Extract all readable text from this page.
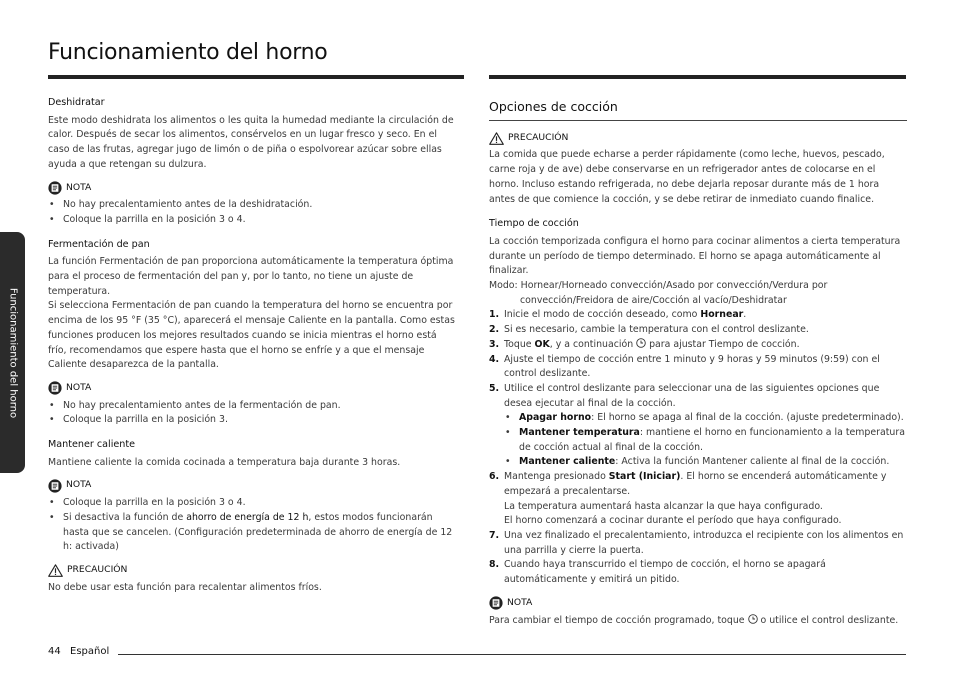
Funcionamiento del horno
Funcionamiento del horno

Deshidratar

Este modo deshidrata los alimentos o les quita la humedad mediante la circulación de calor. Después de secar los alimentos, consérvelos en un lugar fresco y seco. En el caso de las frutas, agregar jugo de limón o de piña o espolvorear azúcar sobre ellas ayuda a que retengan su dulzura.

NOTA
• No hay precalentamiento antes de la deshidratación.
• Coloque la parrilla en la posición 3 o 4.

Fermentación de pan

La función Fermentación de pan proporciona automáticamente la temperatura óptima para el proceso de fermentación del pan y, por lo tanto, no tiene un ajuste de temperatura.

Si selecciona Fermentación de pan cuando la temperatura del horno se encuentra por encima de los 95 °F (35 °C), aparecerá el mensaje Caliente en la pantalla. Como estas funciones producen los mejores resultados cuando se inicia mientras el horno está frío, recomendamos que espere hasta que el horno se enfríe y a que el mensaje Caliente desaparezca de la pantalla.

NOTA
• No hay precalentamiento antes de la fermentación de pan.
• Coloque la parrilla en la posición 3.

Mantener caliente

Mantiene caliente la comida cocinada a temperatura baja durante 3 horas.

NOTA
• Coloque la parrilla en la posición 3 o 4.
• Si desactiva la función de ahorro de energía de 12 h, estos modos funcionarán hasta que se cancelen. (Configuración predeterminada de ahorro de energía de 12 h: activada)
PRECAUCIÓN

No debe usar esta función para recalentar alimentos fríos.

Opciones de cocción

PRECAUCIÓN

La comida que puede echarse a perder rápidamente (como leche, huevos, pescado, carne roja y de ave) debe conservarse en un refrigerador antes de colocarse en el horno. Incluso estando refrigerada, no debe dejarla reposar durante más de 1 hora antes de que comience la cocción, y se debe retirar de inmediato cuando finalice.

Tiempo de cocción

La cocción temporizada configura el horno para cocinar alimentos a cierta temperatura durante un período de tiempo determinado. El horno se apaga automáticamente al finalizar.

Modo: Hornear/Horneado convección/Asado por convección/Verdura por

convección/Freidora de aire/Cocción al vacío/Deshidratar

1. Inicie el modo de cocción deseado, como Hornear.
2. Si es necesario, cambie la temperatura con el control deslizante.
3. Toque OK, y a continuación  para ajustar Tiempo de cocción.
4. Ajuste el tiempo de cocción entre 1 minuto y 9 horas y 59 minutos (9:59) con el control deslizante.
5. Utilice el control deslizante para seleccionar una de las siguientes opciones que desea ejecutar al final de la cocción.
• Apagar horno: El horno se apaga al final de la cocción. (ajuste predeterminado).
• Mantener temperatura: mantiene el horno en funcionamiento a la temperatura de cocción actual al final de la cocción.
• Mantener caliente: Activa la función Mantener caliente al final de la cocción.
6. Mantenga presionado Start (Iniciar). El horno se encenderá automáticamente y empezará a precalentarse.
La temperatura aumentará hasta alcanzar la que haya configurado.
El horno comenzará a cocinar durante el período que haya configurado.
7. Una vez finalizado el precalentamiento, introduzca el recipiente con los alimentos en una parrilla y cierre la puerta.
8. Cuando haya transcurrido el tiempo de cocción, el horno se apagará automáticamente y emitirá un pitido.
NOTA

Para cambiar el tiempo de cocción programado, toque  o utilice el control deslizante.

44 Español
